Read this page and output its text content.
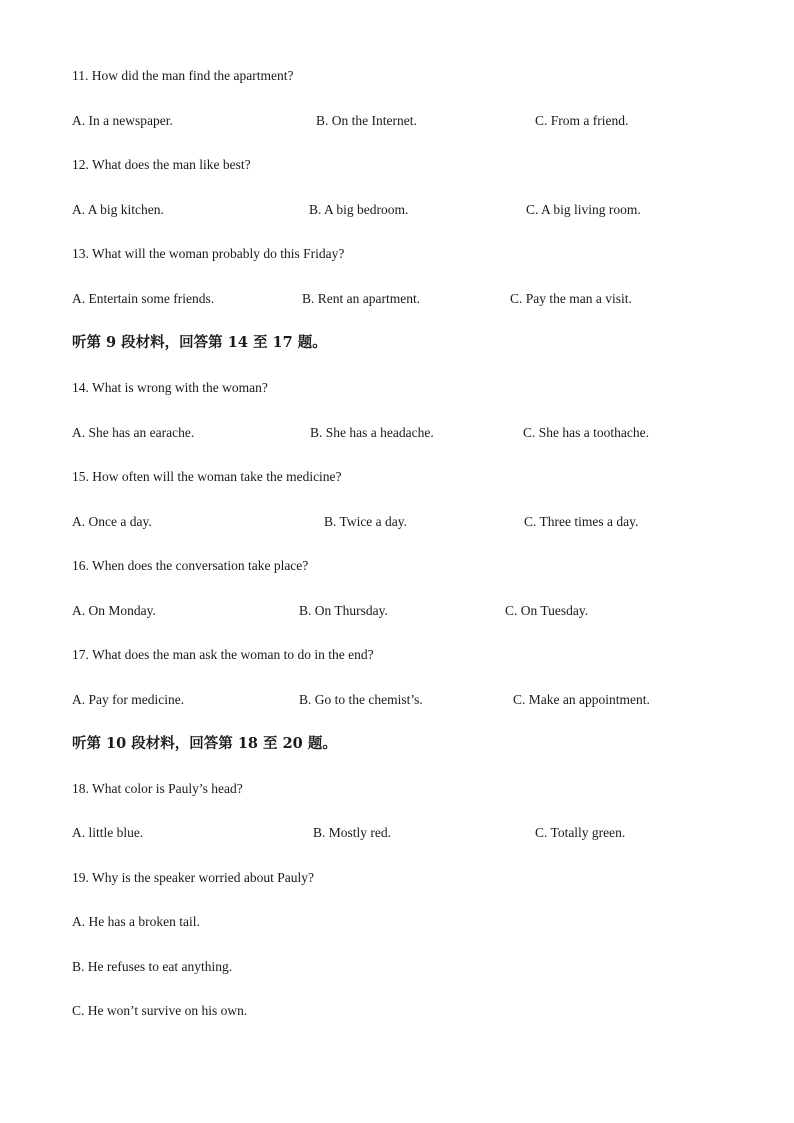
11. How did the man find the apartment?
A. In a newspaper.	B. On the Internet.	C. From a friend.
12. What does the man like best?
A. A big kitchen.	B. A big bedroom.	C. A big living room.
13. What will the woman probably do this Friday?
A. Entertain some friends.	B. Rent an apartment.	C. Pay the man a visit.
听第 9 段材料，回答第 14 至 17 题。
14. What is wrong with the woman?
A. She has an earache.	B. She has a headache.	C. She has a toothache.
15. How often will the woman take the medicine?
A. Once a day.	B. Twice a day.	C. Three times a day.
16. When does the conversation take place?
A. On Monday.	B. On Thursday.	C. On Tuesday.
17. What does the man ask the woman to do in the end?
A. Pay for medicine.	B. Go to the chemist’s.	C. Make an appointment.
听第 10 段材料，回答第 18 至 20 题。
18. What color is Pauly’s head?
A. little blue.	B. Mostly red.	C. Totally green.
19. Why is the speaker worried about Pauly?
A. He has a broken tail.
B. He refuses to eat anything.
C. He won’t survive on his own.
